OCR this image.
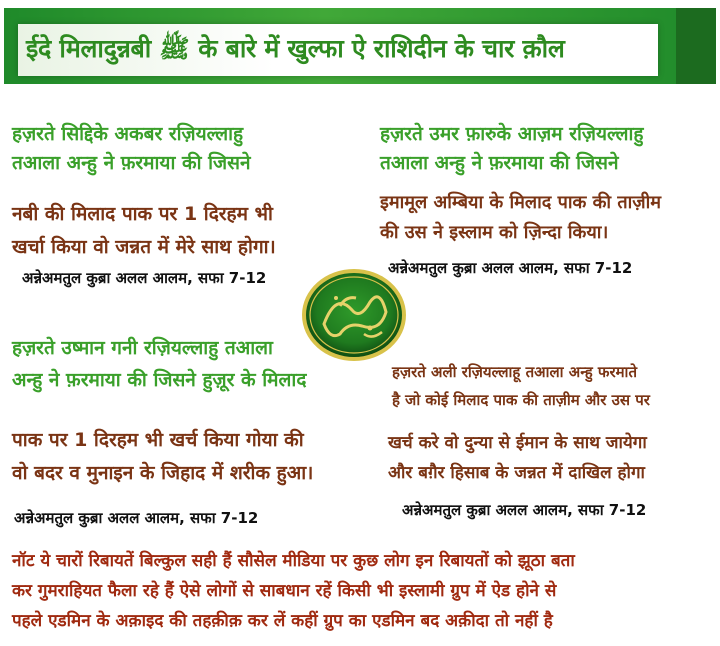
ईदे मिलादुन्नबी ﷺ के बारे में खुल्फा ऐ राशिदीन के चार क़ौल
हज़रते सिद्दिके अकबर रज़ियल्लाहु
तआला अन्हु ने फ़रमाया की जिसने
नबी की मिलाद पाक पर 1 दिरहम भी
खर्चा किया वो जन्नत में मेरे साथ होगा।
अन्नेअमतुल कुब्रा अलल आलम, सफा 7-12
हज़रते उमर फ़ारुके आज़म रज़ियल्लाहु
तआला अन्हु ने फ़रमाया की जिसने
इमामूल अम्बिया के मिलाद पाक की ताज़ीम
की उस ने इस्लाम को ज़िन्दा किया।
अन्नेअमतुल कुब्रा अलल आलम, सफा 7-12
हज़रते उष्मान गनी रज़ियल्लाहु तआला
अन्हु ने फ़रमाया की जिसने हुज़ूर के मिलाद
पाक पर 1 दिरहम भी खर्च किया गोया की
वो बदर व मुनाइन के जिहाद में शरीक हुआ।
अन्नेअमतुल कुब्रा अलल आलम, सफा 7-12
हज़रते अली रज़ियल्लाहू तआला अन्हु फरमाते
है जो कोई मिलाद पाक की ताज़ीम और उस पर
खर्च करे वो दुन्या से ईमान के साथ जायेगा
और बग़ैर हिसाब के जन्नत में दाखिल होगा
अन्नेअमतुल कुब्रा अलल आलम, सफा 7-12
नॉट ये चारों रिबायतें बिल्कुल सही हैं सौसेल मीडिया पर कुछ लोग इन रिबायतों को झूठा बता
कर गुमराहियत फैला रहे हैं ऐसे लोगों से साबधान रहें किसी भी इस्लामी ग्रुप में ऐड होने से
पहले एडमिन के अक़ाइद की तहक़ीक़ कर लें कहीं ग्रुप का एडमिन बद अक़ीदा तो नहीं है
